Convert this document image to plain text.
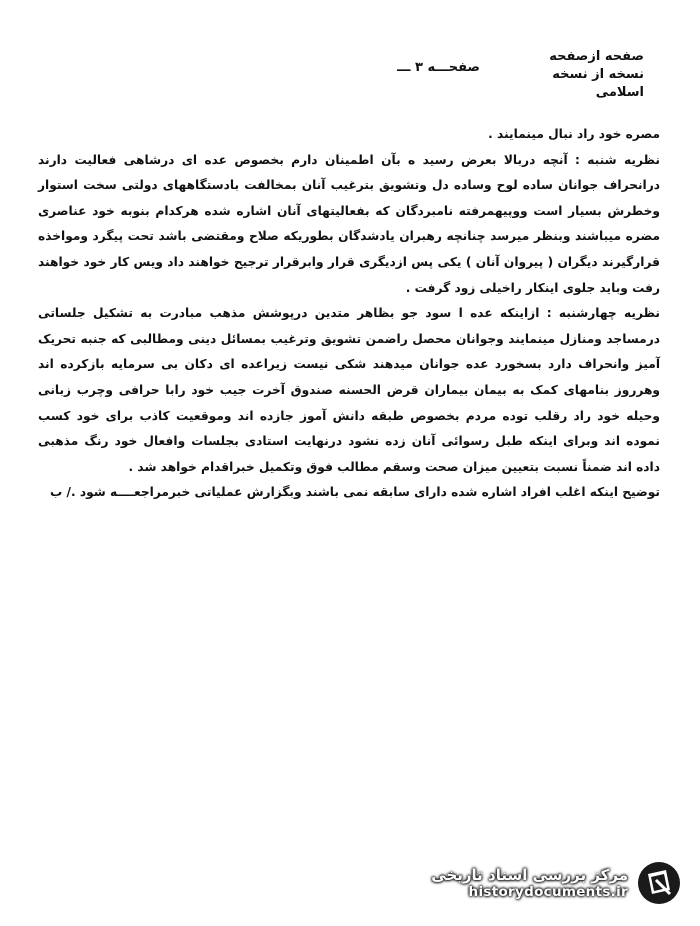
صفحه ازصفحه
نسخه از نسخه
اسلامی
صفحـــه ۳ ـــ

مصره خود راد نبال مینمایند .

نظریه شنبه : آنچه دربالا بعرض رسید ه بآن اطمینان دارم بخصوص عده ای درشاهی فعالیت دارند درانحراف جوانان ساده لوح وساده دل وتشویق بترغیب آنان بمخالفت بادستگاههای دولتی سخت استوار وخطرش بسیار است ووپیهمرفته نامبردگان که بفعالیتهای آنان اشاره شده هرکدام بنوبه خود عناصری مضره میباشند وبنظر میرسد چنانچه رهبران یادشدگان بطوریکه صلاح ومقتضی باشد تحت پیگرد ومواخذه قرارگیرند دیگران ( پیروان آنان ) یکی پس ازدیگری قرار وابرقرار ترجیح خواهند داد ویس کار خود خواهند رفت وباید جلوی اینکار راخیلی زود گرفت .

نظریه چهارشنبه : ازاینکه عده ا سود جو بظاهر متدین درپوشش مذهب مبادرت به تشکیل جلساتی درمساجد ومنازل مینمایند وجوانان محصل راضمن تشویق وترغیب بمسائل دینی ومطالبی که جنبه تحریک آمیز وانحراف دارد بسخورد عده جوانان میدهند شکی نیست زیراعده ای دکان بی سرمایه بازکرده اند وهرروز بنامهای کمک به بیمان بیماران قرض الحسنه صندوق آخرت جیب خود رابا حرافی وچرب زبانی وحیله خود راد رقلب توده مردم بخصوص طبقه دانش آموز جازده اند وموقعیت کاذب برای خود کسب نموده اند وبرای اینکه طبل رسوائی آنان زده نشود درنهایت استادی بجلسات وافعال خود رنگ مذهبی داده اند ضمناً نسبت بتعیین میزان صحت وسقم مطالب فوق وتکمیل خبراقدام خواهد شد .

توضیح اینکه اغلب افراد اشاره شده دارای سابقه نمی باشند وبگزارش عملیاتی خبرمراجعــــه شود ./ ب

مرکز بررسی اسناد تاریخی
historydocuments.ir
